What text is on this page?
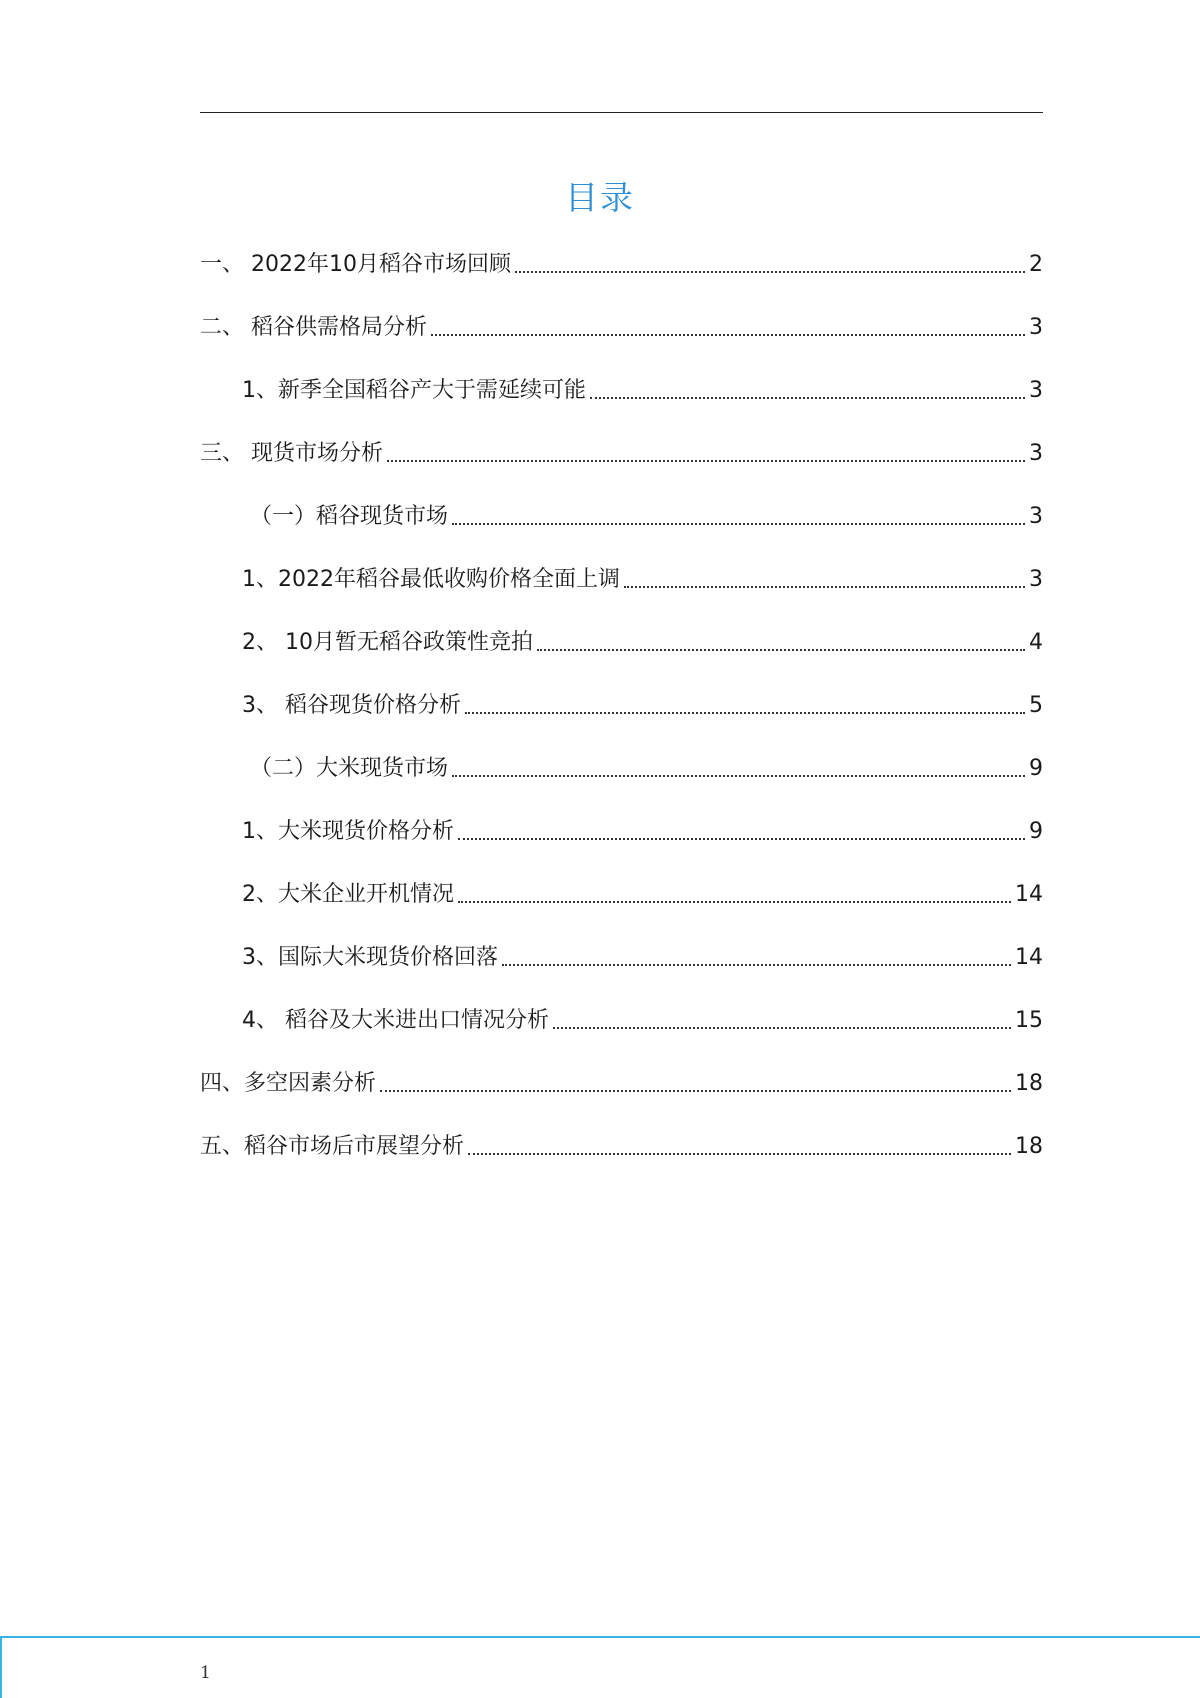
目录
一、 2022年10月稻谷市场回顾	2
二、 稻谷供需格局分析	3
1、新季全国稻谷产大于需延续可能	3
三、 现货市场分析	3
（一）稻谷现货市场	3
1、2022年稻谷最低收购价格全面上调	3
2、 10月暂无稻谷政策性竞拍	4
3、 稻谷现货价格分析	5
（二）大米现货市场	9
1、大米现货价格分析	9
2、大米企业开机情况	14
3、国际大米现货价格回落	14
4、 稻谷及大米进出口情况分析	15
四、多空因素分析	18
五、稻谷市场后市展望分析	18
1
